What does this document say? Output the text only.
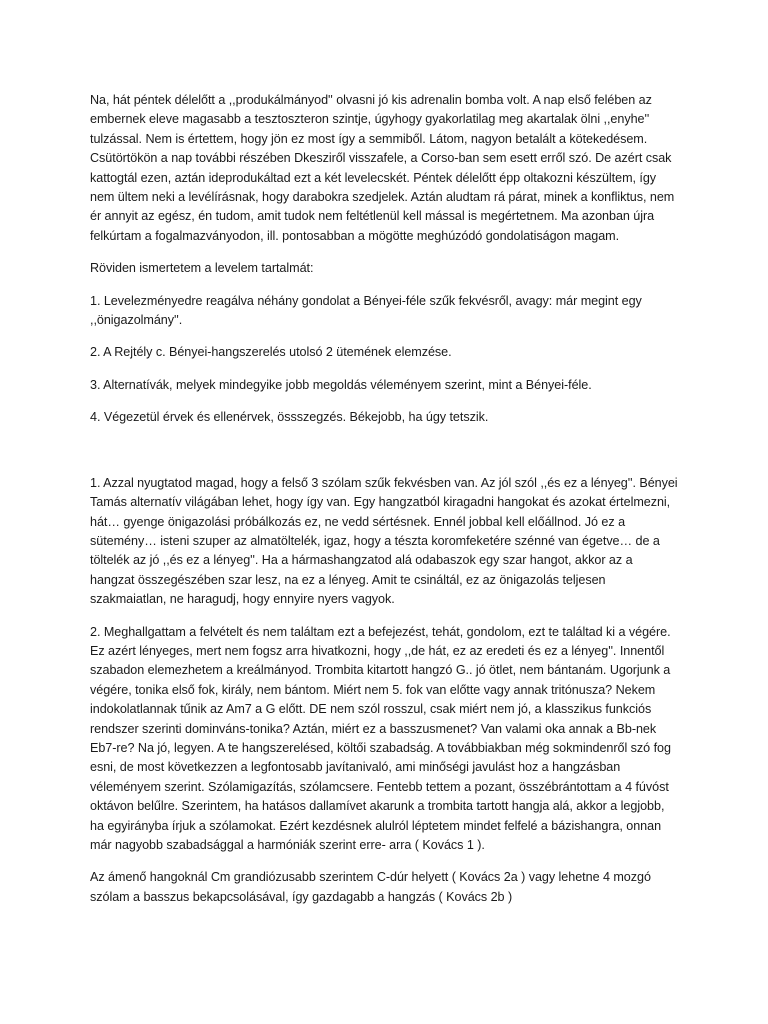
Na, hát péntek délelőtt a ,,produkálmányod'' olvasni jó kis adrenalin bomba volt. A nap első felében az embernek eleve magasabb a tesztoszteron szintje, úgyhogy gyakorlatilag meg akartalak ölni ,,enyhe'' tulzással. Nem is értettem, hogy jön ez most így a semmiből. Látom, nagyon betalált a kötekedésem. Csütörtökön a nap további részében Dkesziről visszafele, a Corso-ban sem esett erről szó. De azért csak kattogtál ezen, aztán ideprodukáltad ezt a két levelecskét. Péntek délelőtt épp oltakozni készültem, így nem ültem neki a levélírásnak, hogy darabokra szedjelek. Aztán aludtam rá párat, minek a konfliktus, nem ér annyit az egész, én tudom, amit tudok nem feltétlenül kell mással is megértetnem. Ma azonban újra felkúrtam a fogalmazványodon, ill. pontosabban a mögötte meghúzódó gondolatiságon magam.

Röviden ismertetem a levelem tartalmát:

1. Levelezményedre reagálva néhány gondolat a Bényei-féle szűk fekvésről, avagy: már megint egy ,,önigazolmány''.

2. A Rejtély c. Bényei-hangszerelés utolsó 2 ütemének elemzése.

3. Alternatívák, melyek mindegyike jobb megoldás véleményem szerint, mint a Bényei-féle.

4. Végezetül érvek és ellenérvek, össszegzés. Békejobb, ha úgy tetszik.

1. Azzal nyugtatod magad, hogy a felső 3 szólam szűk fekvésben van. Az jól szól ,,és ez a lényeg''. Bényei Tamás alternatív világában lehet, hogy így van. Egy hangzatból kiragadni hangokat és azokat értelmezni, hát… gyenge önigazolási próbálkozás ez, ne vedd sértésnek. Ennél jobbal kell előállnod. Jó ez a sütemény… isteni szuper az almatöltelék, igaz, hogy a tészta koromfeketére szénné van égetve… de a töltelék az jó ,,és ez a lényeg''. Ha a hármashangzatod alá odabaszok egy szar hangot, akkor az a hangzat összegészében szar lesz, na ez a lényeg. Amit te csináltál, ez az önigazolás teljesen szakmaiatlan, ne haragudj, hogy ennyire nyers vagyok.

2. Meghallgattam a felvételt és nem találtam ezt a befejezést, tehát, gondolom, ezt te találtad ki a végére. Ez azért lényeges, mert nem fogsz arra hivatkozni, hogy ,,de hát, ez az eredeti és ez a lényeg''. Innentől szabadon elemezhetem a kreálmányod. Trombita kitartott hangzó G.. jó ötlet, nem bántanám. Ugorjunk a végére, tonika első fok, király, nem bántom. Miért nem 5. fok van előtte vagy annak tritónusza? Nekem indokolatlannak tűnik az Am7 a G előtt. DE nem szól rosszul, csak miért nem jó, a klasszikus funkciós rendszer szerinti dominváns-tonika? Aztán, miért ez a basszusmenet? Van valami oka annak a Bb-nek Eb7-re? Na jó, legyen. A te hangszerelésed, költői szabadság. A továbbiakban még sokmindenről szó fog esni, de most következzen a legfontosabb javítanivaló, ami minőségi javulást hoz a hangzásban véleményem szerint. Szólamigazítás, szólamcsere. Fentebb tettem a pozant, összébrántottam a 4 fúvóst oktávon belűlre. Szerintem, ha hatásos dallamívet akarunk a trombita tartott hangja alá, akkor a legjobb, ha egyirányba írjuk a szólamokat. Ezért kezdésnek alulról léptetem mindet felfelé a bázishangra, onnan már nagyobb szabadsággal a harmóniák szerint erre- arra ( Kovács 1 ).

Az ámenő hangoknál Cm grandiózusabb szerintem C-dúr helyett ( Kovács 2a ) vagy lehetne 4 mozgó szólam a basszus bekapcsolásával, így gazdagabb a hangzás ( Kovács 2b )
